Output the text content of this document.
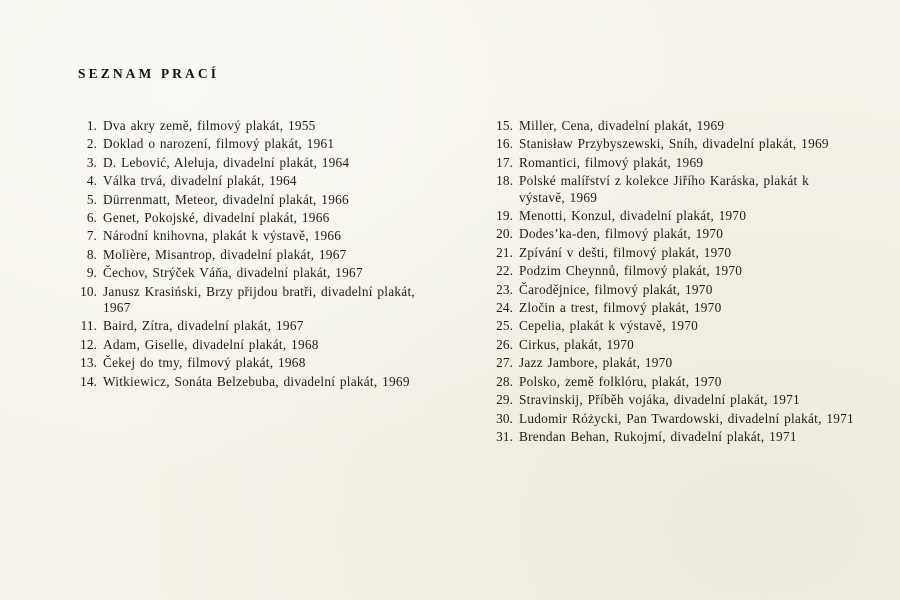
SEZNAM PRACÍ
1. Dva akry země, filmový plakát, 1955
2. Doklad o narození, filmový plakát, 1961
3. D. Lebović, Aleluja, divadelní plakát, 1964
4. Válka trvá, divadelní plakát, 1964
5. Dürrenmatt, Meteor, divadelní plakát, 1966
6. Genet, Pokojské, divadelní plakát, 1966
7. Národní knihovna, plakát k výstavě, 1966
8. Molière, Misantrop, divadelní plakát, 1967
9. Čechov, Strýček Váňa, divadelní plakát, 1967
10. Janusz Krasiński, Brzy přijdou bratři, divadelní plakát, 1967
11. Baird, Zítra, divadelní plakát, 1967
12. Adam, Giselle, divadelní plakát, 1968
13. Čekej do tmy, filmový plakát, 1968
14. Witkiewicz, Sonáta Belzebuba, divadelní plakát, 1969
15. Miller, Cena, divadelní plakát, 1969
16. Stanisław Przybyszewski, Sníh, divadelní plakát, 1969
17. Romantici, filmový plakát, 1969
18. Polské malířství z kolekce Jiřího Karáska, plakát k výstavě, 1969
19. Menotti, Konzul, divadelní plakát, 1970
20. Dodes’ka-den, filmový plakát, 1970
21. Zpívání v dešti, filmový plakát, 1970
22. Podzim Cheynnů, filmový plakát, 1970
23. Čarodějnice, filmový plakát, 1970
24. Zločin a trest, filmový plakát, 1970
25. Cepelia, plakát k výstavě, 1970
26. Cirkus, plakát, 1970
27. Jazz Jambore, plakát, 1970
28. Polsko, země folklóru, plakát, 1970
29. Stravinskij, Příběh vojáka, divadelní plakát, 1971
30. Ludomir Różycki, Pan Twardowski, divadelní plakát, 1971
31. Brendan Behan, Rukojmí, divadelní plakát, 1971
